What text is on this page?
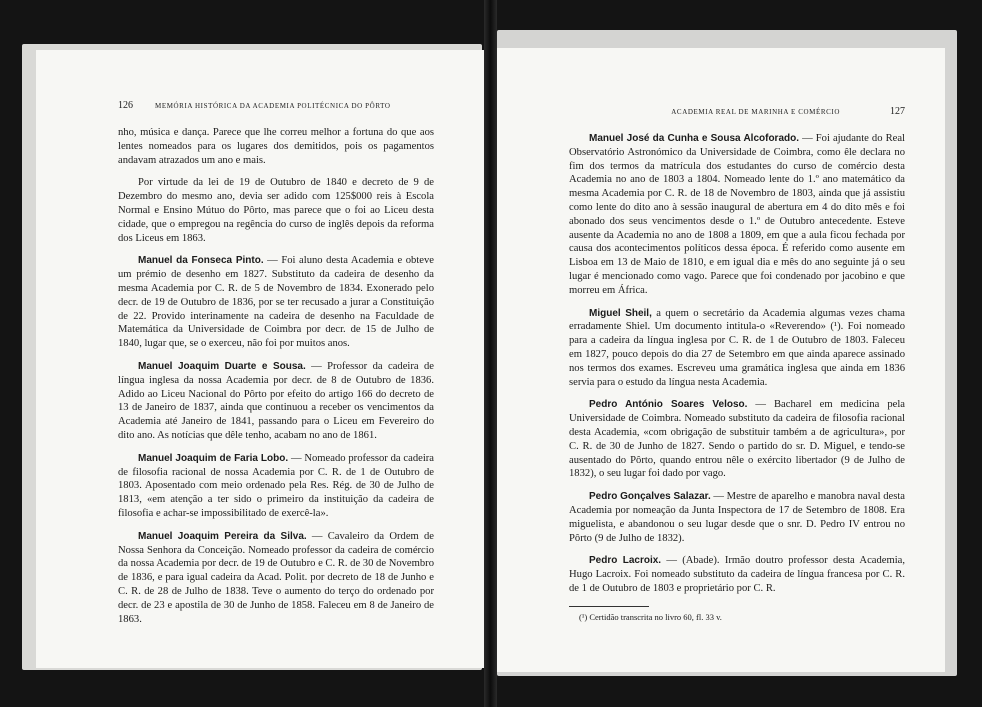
126	MEMÓRIA HISTÓRICA DA ACADEMIA POLITÉCNICA DO PÔRTO

nho, música e dança. Parece que lhe correu melhor a fortuna do que aos lentes nomeados para os lugares dos demitidos, pois os pagamentos andavam atrazados um ano e mais.

Por virtude da lei de 19 de Outubro de 1840 e decreto de 9 de Dezembro do mesmo ano, devia ser adido com 125$000 reis à Escola Normal e Ensino Mútuo do Pôrto, mas parece que o foi ao Liceu desta cidade, que o empregou na regência do curso de inglês depois da reforma dos Liceus em 1863.

Manuel da Fonseca Pinto. — Foi aluno desta Academia e obteve um prémio de desenho em 1827. Substituto da cadeira de desenho da mesma Academia por C. R. de 5 de Novembro de 1834. Exonerado pelo decr. de 19 de Outubro de 1836, por se ter recusado a jurar a Constituição de 22. Provido interinamente na cadeira de desenho na Faculdade de Matemática da Universidade de Coimbra por decr. de 15 de Julho de 1840, lugar que, se o exerceu, não foi por muitos anos.

Manuel Joaquim Duarte e Sousa. — Professor da cadeira de língua inglesa da nossa Academia por decr. de 8 de Outubro de 1836. Adido ao Liceu Nacional do Pôrto por efeito do artigo 166 do decreto de 13 de Janeiro de 1837, ainda que continuou a receber os vencimentos da Academia até Janeiro de 1841, passando para o Liceu em Fevereiro do dito ano. As notícias que dêle tenho, acabam no ano de 1861.

Manuel Joaquim de Faria Lobo. — Nomeado professor da cadeira de filosofia racional de nossa Academia por C. R. de 1 de Outubro de 1803. Aposentado com meio ordenado pela Res. Rég. de 30 de Julho de 1813, «em atenção a ter sido o primeiro da instituição da cadeira de filosofia e achar-se impossibilitado de exercê-la».

Manuel Joaquim Pereira da Silva. — Cavaleiro da Ordem de Nossa Senhora da Conceição. Nomeado professor da cadeira de comércio da nossa Academia por decr. de 19 de Outubro e C. R. de 30 de Novembro de 1836, e para igual cadeira da Acad. Polit. por decreto de 18 de Junho e C. R. de 28 de Julho de 1838. Teve o aumento do terço do ordenado por decr. de 23 e apostila de 30 de Junho de 1858. Faleceu em 8 de Janeiro de 1863.

ACADEMIA REAL DE MARINHA E COMÉRCIO	127

Manuel José da Cunha e Sousa Alcoforado. — Foi ajudante do Real Observatório Astronómico da Universidade de Coimbra, como êle declara no fim dos termos da matrícula dos estudantes do curso de comércio desta Academia no ano de 1803 a 1804. Nomeado lente do 1.º ano matemático da mesma Academia por C. R. de 18 de Novembro de 1803, ainda que já assistiu como lente do dito ano à sessão inaugural de abertura em 4 do dito mês e foi abonado dos seus vencimentos desde o 1.º de Outubro antecedente. Esteve ausente da Academia no ano de 1808 a 1809, em que a aula ficou fechada por causa dos acontecimentos políticos dessa época. É referido como ausente em Lisboa em 13 de Maio de 1810, e em igual dia e mês do ano seguinte já o seu lugar é mencionado como vago. Parece que foi condenado por jacobino e que morreu em África.

Miguel Sheil, a quem o secretário da Academia algumas vezes chama erradamente Shiel. Um documento intitula-o «Reverendo» (¹). Foi nomeado para a cadeira da língua inglesa por C. R. de 1 de Outubro de 1803. Faleceu em 1827, pouco depois do dia 27 de Setembro em que ainda aparece assinado nos termos dos exames. Escreveu uma gramática inglesa que ainda em 1836 servia para o estudo da língua nesta Academia.

Pedro António Soares Veloso. — Bacharel em medicina pela Universidade de Coimbra. Nomeado substituto da cadeira de filosofia racional desta Academia, «com obrigação de substituir também a de agricultura», por C. R. de 30 de Junho de 1827. Sendo o partido do sr. D. Miguel, e tendo-se ausentado do Pôrto, quando entrou nêle o exército libertador (9 de Julho de 1832), o seu lugar foi dado por vago.

Pedro Gonçalves Salazar. — Mestre de aparelho e manobra naval desta Academia por nomeação da Junta Inspectora de 17 de Setembro de 1808. Era miguelista, e abandonou o seu lugar desde que o snr. D. Pedro IV entrou no Pôrto (9 de Julho de 1832).

Pedro Lacroix. — (Abade). Irmão doutro professor desta Academia, Hugo Lacroix. Foi nomeado substituto da cadeira de língua francesa por C. R. de 1 de Outubro de 1803 e proprietário por C. R.

(¹) Certidão transcrita no livro 60, fl. 33 v.
